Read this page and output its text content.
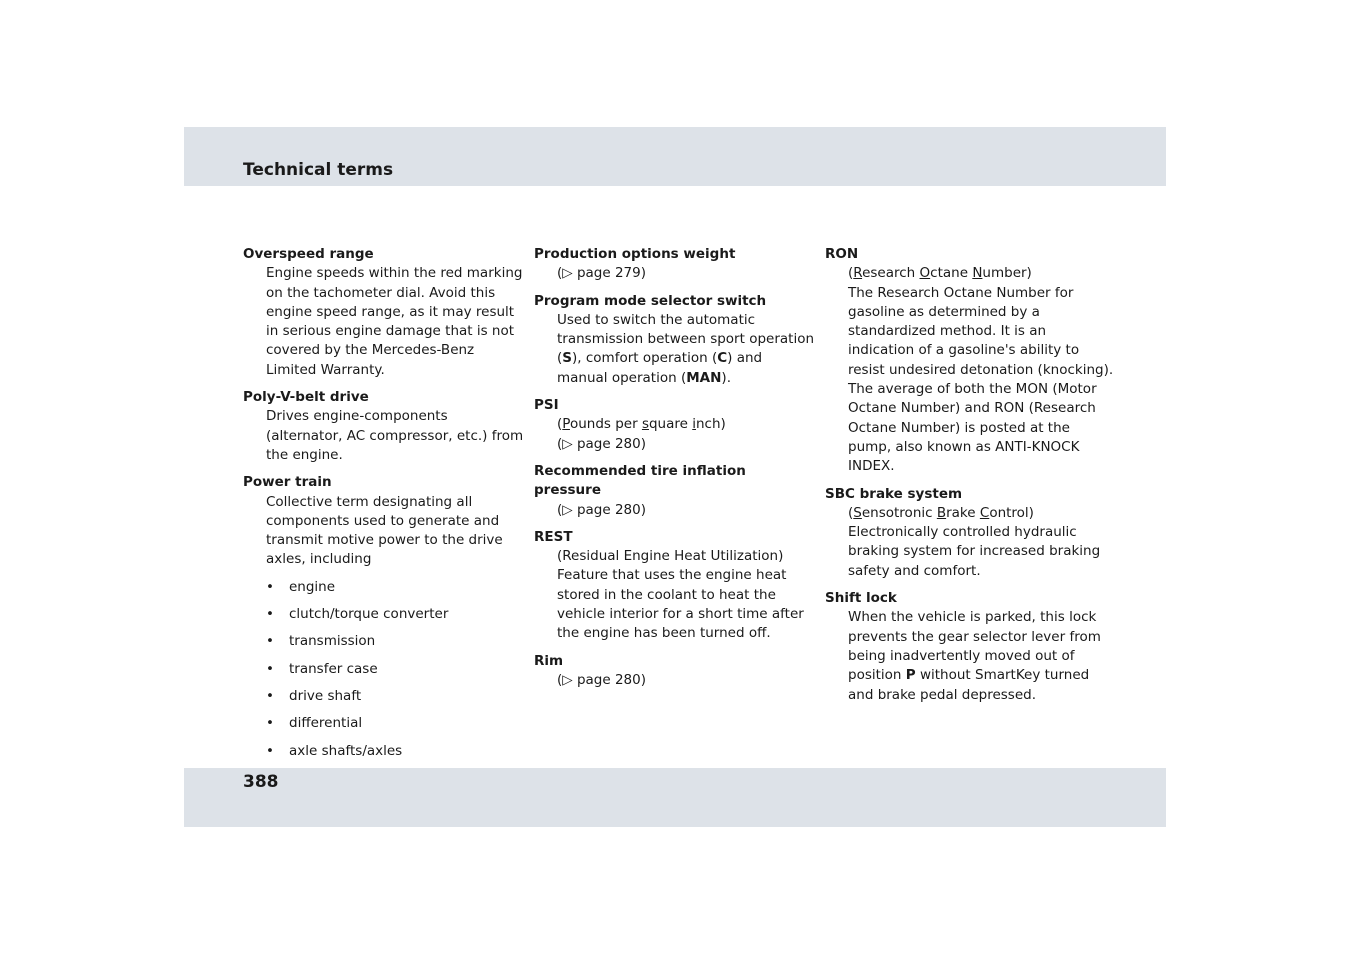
Technical terms
Overspeed range

Engine speeds within the red marking on the tachometer dial. Avoid this engine speed range, as it may result in serious engine damage that is not covered by the Mercedes-Benz Limited Warranty.

Poly-V-belt drive

Drives engine-components (alternator, AC compressor, etc.) from the engine.

Power train

Collective term designating all components used to generate and transmit motive power to the drive axles, including

• engine
• clutch/torque converter
• transmission
• transfer case
• drive shaft
• differential
• axle shafts/axles
Production options weight

(▷ page 279)

Program mode selector switch

Used to switch the automatic transmission between sport operation (S), comfort operation (C) and manual operation (MAN).

PSI

(Pounds per square inch)

(▷ page 280)

Recommended tire inflation pressure

(▷ page 280)

REST

(Residual Engine Heat Utilization)

Feature that uses the engine heat stored in the coolant to heat the vehicle interior for a short time after the engine has been turned off.

Rim

(▷ page 280)

RON

(Research Octane Number)

The Research Octane Number for gasoline as determined by a standardized method. It is an indication of a gasoline's ability to resist undesired detonation (knocking). The average of both the MON (Motor Octane Number) and RON (Research Octane Number) is posted at the pump, also known as ANTI-KNOCK INDEX.

SBC brake system

(Sensotronic Brake Control)

Electronically controlled hydraulic braking system for increased braking safety and comfort.

Shift lock

When the vehicle is parked, this lock prevents the gear selector lever from being inadvertently moved out of position P without SmartKey turned and brake pedal depressed.

388
